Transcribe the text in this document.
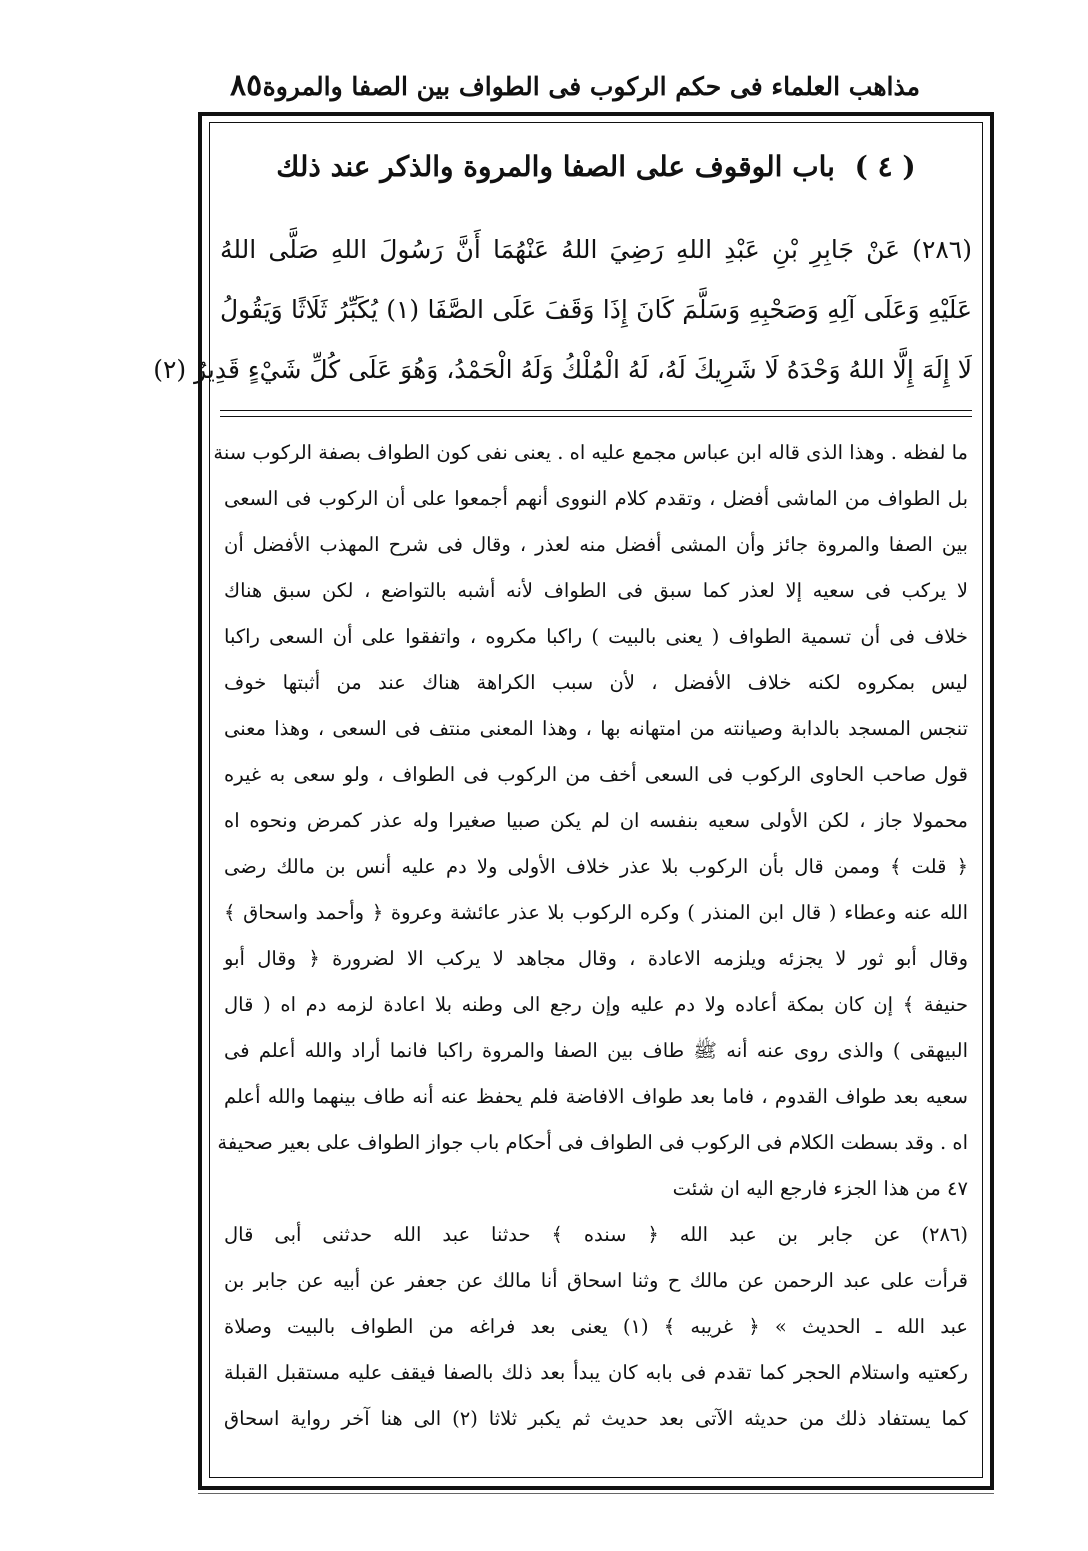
مذاهب العلماء فى حكم الركوب فى الطواف بين الصفا والمروة
٨٥
( ٤ ) باب الوقوف على الصفا والمروة والذكر عند ذلك
(٢٨٦) عَنْ جَابِرِ بْنِ عَبْدِ اللهِ رَضِيَ اللهُ عَنْهُمَا أَنَّ رَسُولَ اللهِ صَلَّى اللهُ
عَلَيْهِ وَعَلَى آلِهِ وَصَحْبِهِ وَسَلَّمَ كَانَ إِذَا وَقَفَ عَلَى الصَّفَا (١) يُكَبِّرُ ثَلَاثًا وَيَقُولُ
لَا إِلَهَ إِلَّا اللهُ وَحْدَهُ لَا شَرِيكَ لَهُ، لَهُ الْمُلْكُ وَلَهُ الْحَمْدُ، وَهُوَ عَلَى كُلِّ شَيْءٍ قَدِيرٌ (٢)
ما لفظه . وهذا الذى قاله ابن عباس مجمع عليه اه . يعنى نفى كون الطواف بصفة الركوب سنة
بل الطواف من الماشى أفضل ، وتقدم كلام النووى أنهم أجمعوا على أن الركوب فى السعى
بين الصفا والمروة جائز وأن المشى أفضل منه لعذر ، وقال فى شرح المهذب الأفضل أن
لا يركب فى سعيه إلا لعذر كما سبق فى الطواف لأنه أشبه بالتواضع ، لكن سبق هناك
خلاف فى أن تسمية الطواف ( يعنى بالبيت ) راكبا مكروه ، واتفقوا على أن السعى راكبا
ليس بمكروه لكنه خلاف الأفضل ، لأن سبب الكراهة هناك عند من أثبتها خوف
تنجس المسجد بالدابة وصيانته من امتهانه بها ، وهذا المعنى منتف فى السعى ، وهذا معنى
قول صاحب الحاوى الركوب فى السعى أخف من الركوب فى الطواف ، ولو سعى به غيره
محمولا جاز ، لكن الأولى سعيه بنفسه ان لم يكن صبيا صغيرا وله عذر كمرض ونحوه اه
﴿ قلت ﴾ وممن قال بأن الركوب بلا عذر خلاف الأولى ولا دم عليه أنس بن مالك رضى
الله عنه وعطاء ( قال ابن المنذر ) وكره الركوب بلا عذر عائشة وعروة ﴿ وأحمد واسحاق ﴾
وقال أبو ثور لا يجزئه ويلزمه الاعادة ، وقال مجاهد لا يركب الا لضرورة ﴿ وقال أبو
حنيفة ﴾ إن كان بمكة أعاده ولا دم عليه وإن رجع الى وطنه بلا اعادة لزمه دم اه ( قال
البيهقى ) والذى روى عنه أنه ﷺ طاف بين الصفا والمروة راكبا فانما أراد والله أعلم فى
سعيه بعد طواف القدوم ، فاما بعد طواف الافاضة فلم يحفظ عنه أنه طاف بينهما والله أعلم
اه . وقد بسطت الكلام فى الركوب فى الطواف فى أحكام باب جواز الطواف على بعير صحيفة
٤٧ من هذا الجزء فارجع اليه ان شئت
(٢٨٦) عن جابر بن عبد الله ﴿ سنده ﴾ حدثنا عبد الله حدثنى أبى قال
قرأت على عبد الرحمن عن مالك ح وثنا اسحاق أنا مالك عن جعفر عن أبيه عن جابر بن
عبد الله ـ الحديث » ﴿ غريبه ﴾ (١) يعنى بعد فراغه من الطواف بالبيت وصلاة
ركعتيه واستلام الحجر كما تقدم فى بابه كان يبدأ بعد ذلك بالصفا فيقف عليه مستقبل القبلة
كما يستفاد ذلك من حديثه الآتى بعد حديث ثم يكبر ثلاثا (٢) الى هنا آخر رواية اسحاق
